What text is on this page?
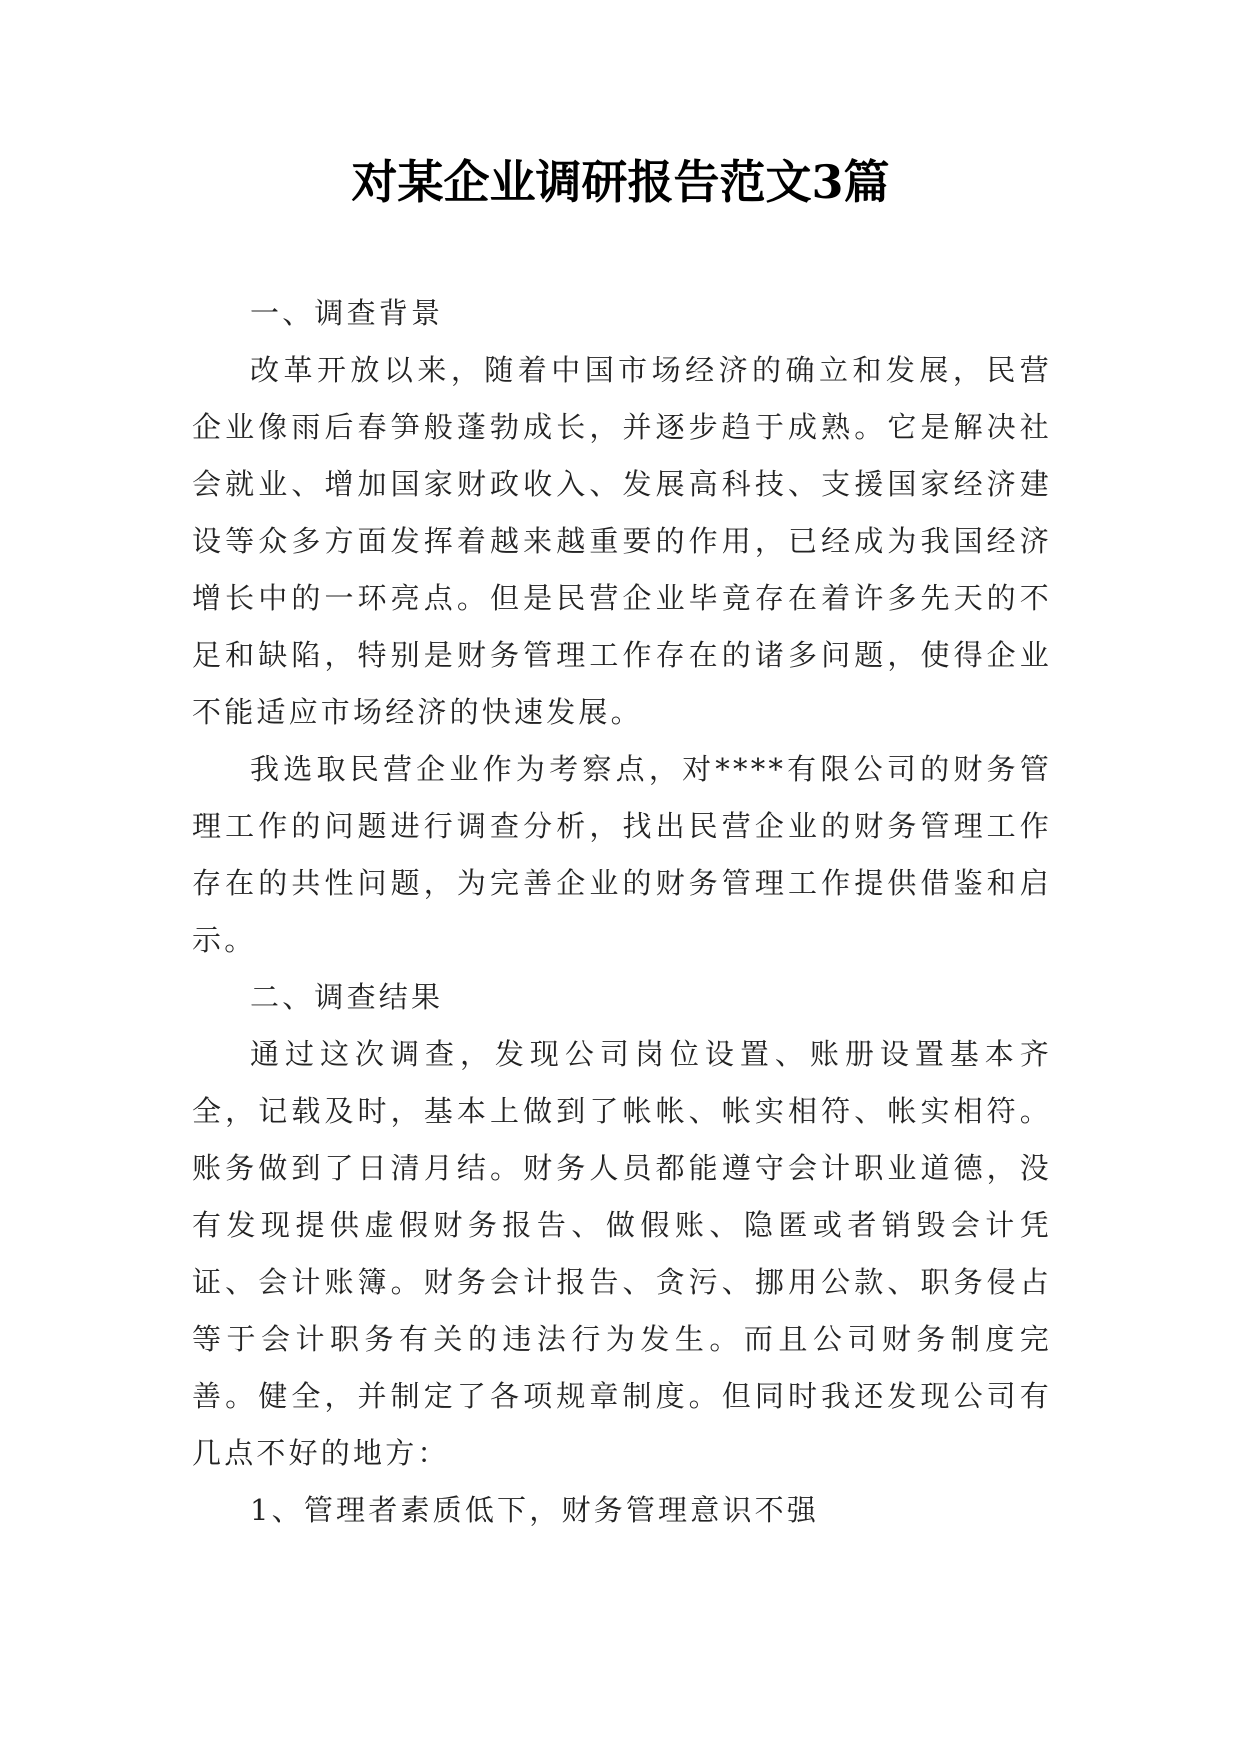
对某企业调研报告范文3篇

一、调查背景

改革开放以来，随着中国市场经济的确立和发展，民营企业像雨后春笋般蓬勃成长，并逐步趋于成熟。它是解决社会就业、增加国家财政收入、发展高科技、支援国家经济建设等众多方面发挥着越来越重要的作用，已经成为我国经济增长中的一环亮点。但是民营企业毕竟存在着许多先天的不足和缺陷，特别是财务管理工作存在的诸多问题，使得企业不能适应市场经济的快速发展。

我选取民营企业作为考察点，对****有限公司的财务管理工作的问题进行调查分析，找出民营企业的财务管理工作存在的共性问题，为完善企业的财务管理工作提供借鉴和启示。

二、调查结果

通过这次调查，发现公司岗位设置、账册设置基本齐全，记载及时，基本上做到了帐帐、帐实相符、帐实相符。账务做到了日清月结。财务人员都能遵守会计职业道德，没有发现提供虚假财务报告、做假账、隐匿或者销毁会计凭证、会计账簿。财务会计报告、贪污、挪用公款、职务侵占等于会计职务有关的违法行为发生。而且公司财务制度完善。健全，并制定了各项规章制度。但同时我还发现公司有几点不好的地方：

1、管理者素质低下，财务管理意识不强
